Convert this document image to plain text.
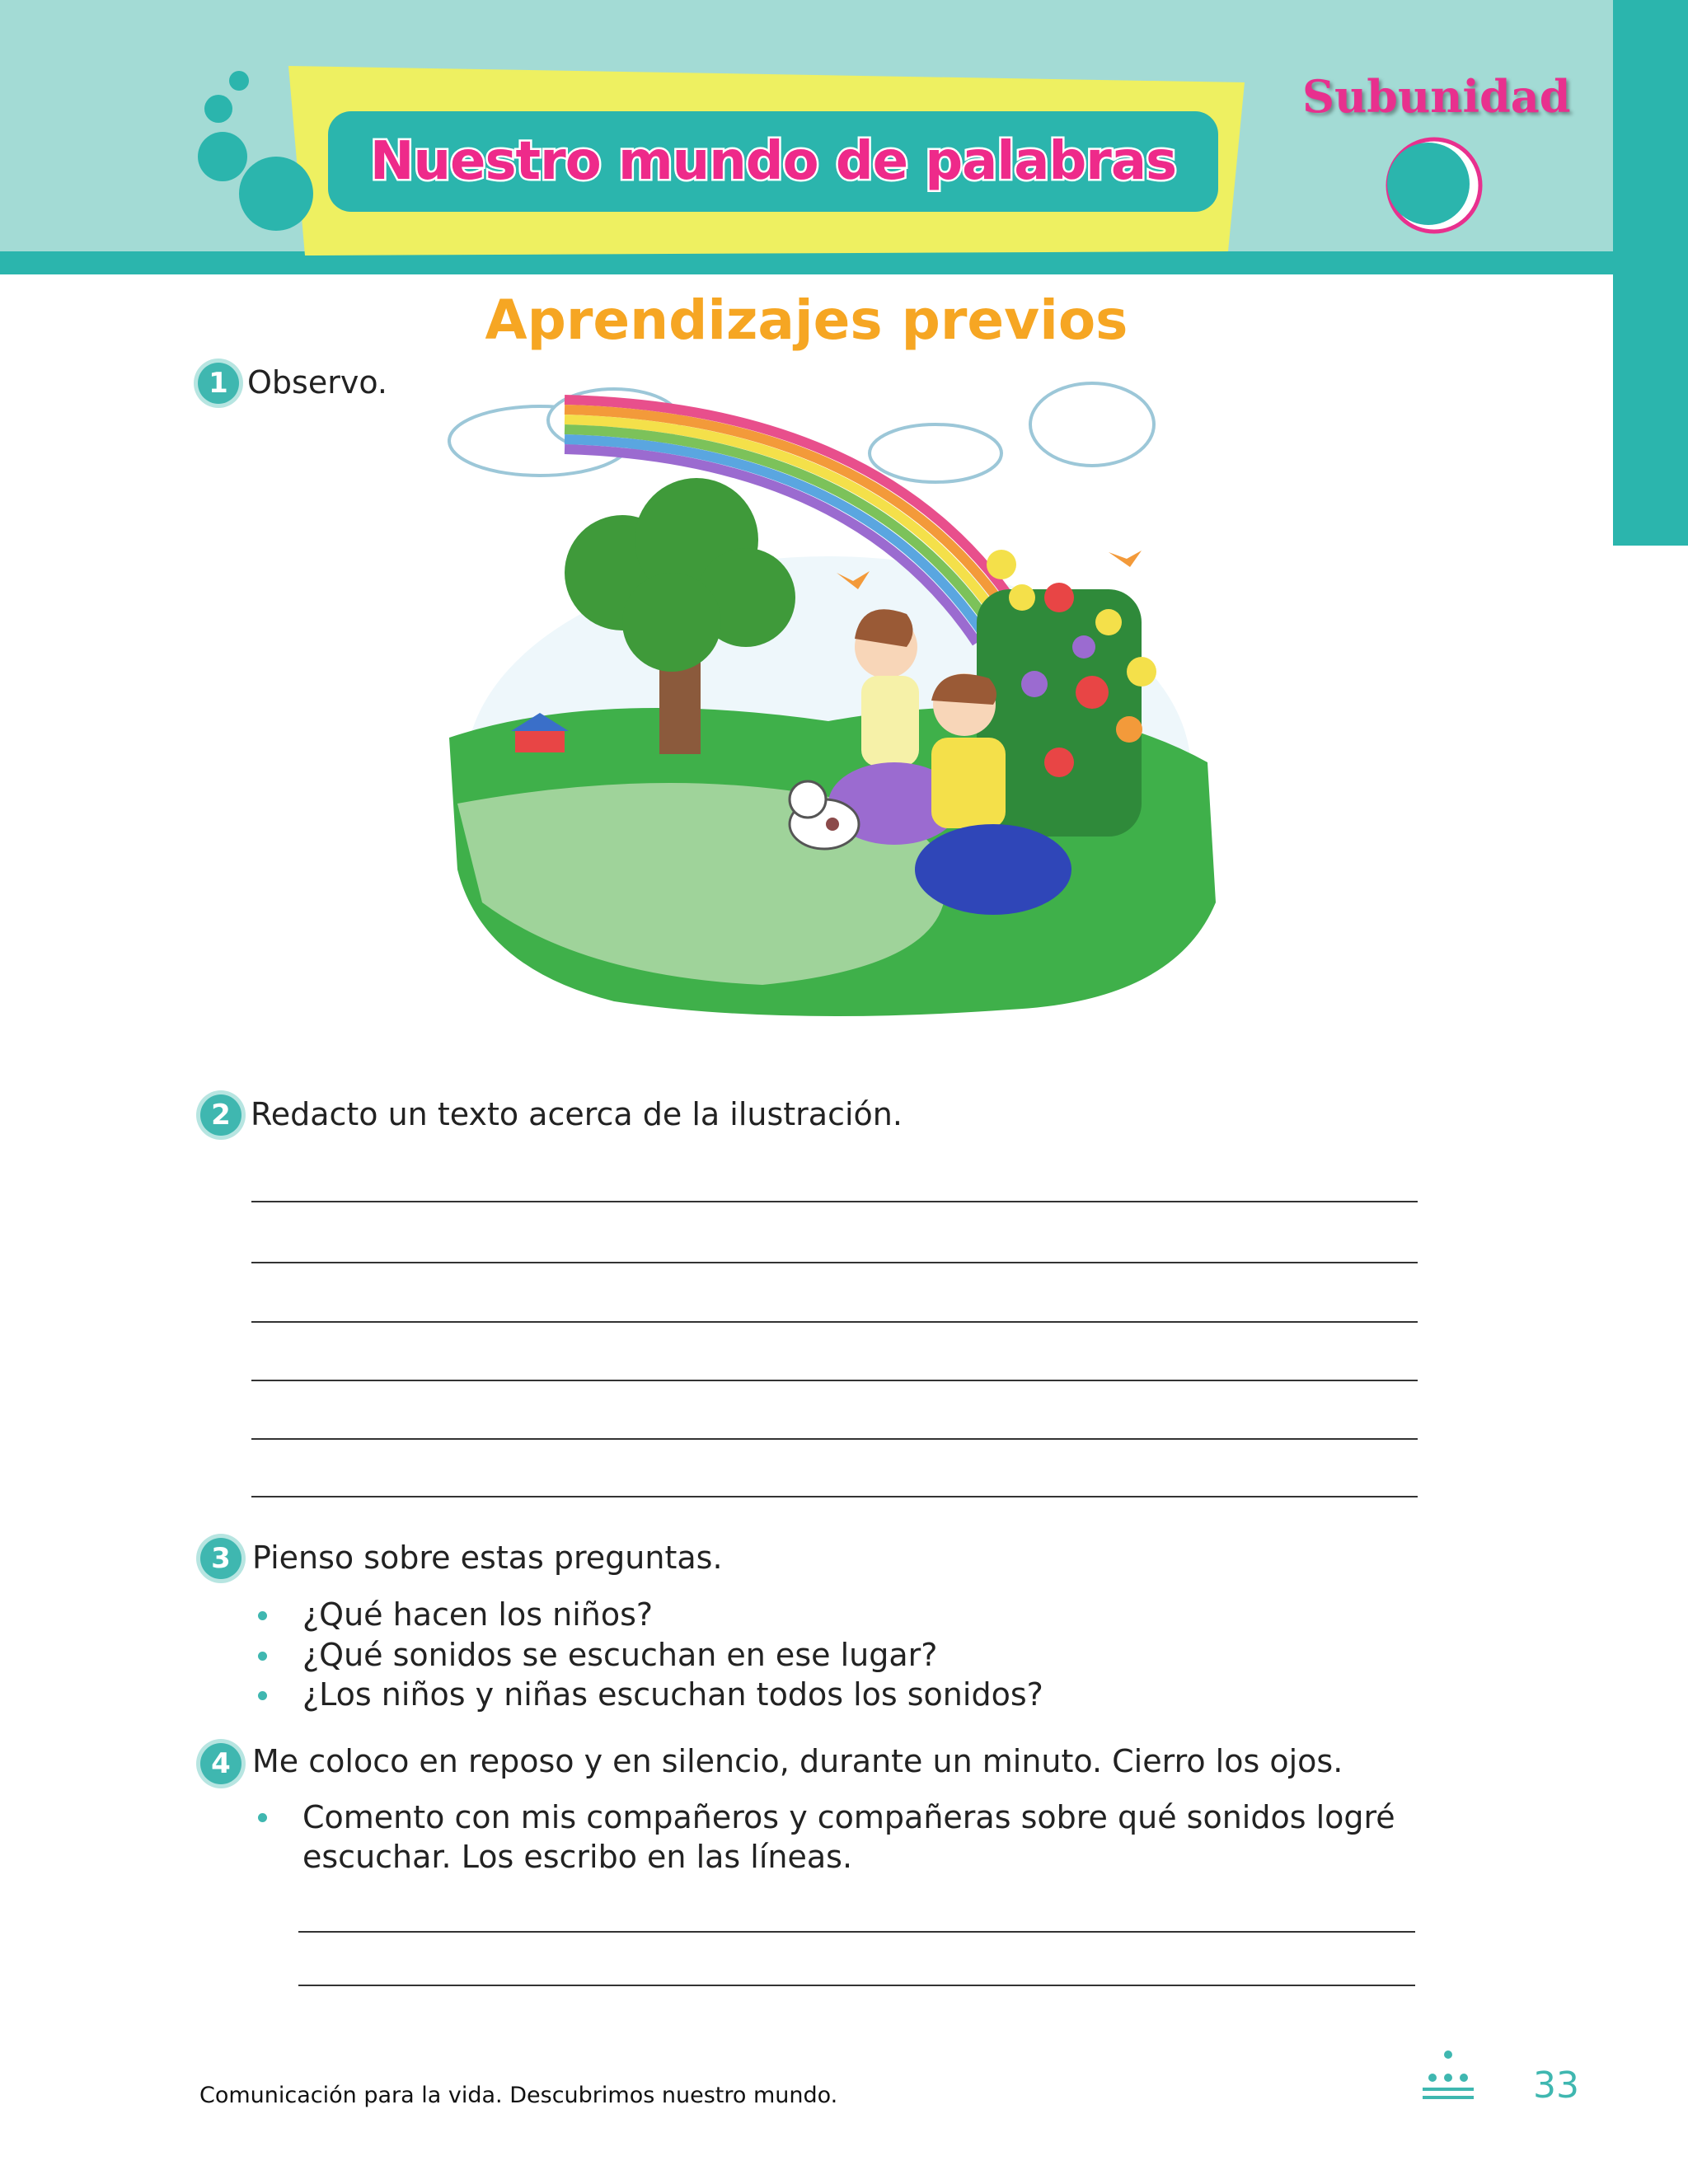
Nuestro mundo de palabras
Subunidad
Aprendizajes previos
1 Observo.
2 Redacto un texto acerca de la ilustración.
3 Pienso sobre estas preguntas.
¿Qué hacen los niños?
¿Qué sonidos se escuchan en ese lugar?
¿Los niños y niñas escuchan todos los sonidos?
4 Me coloco en reposo y en silencio, durante un minuto. Cierro los ojos.
Comento con mis compañeros y compañeras sobre qué sonidos logré
escuchar. Los escribo en las líneas.
Comunicación para la vida. Descubrimos nuestro mundo.	33
